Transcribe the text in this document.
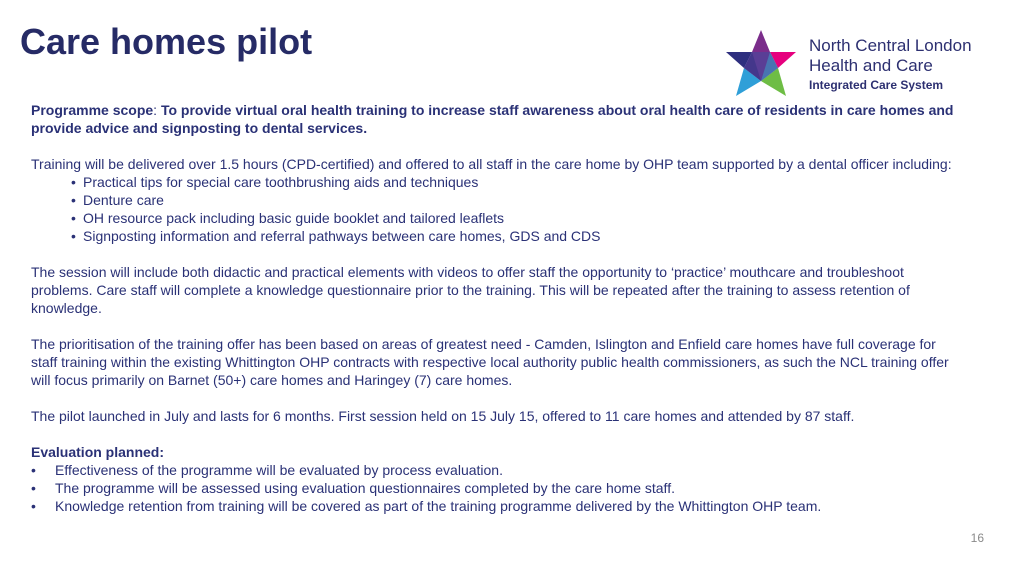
Care homes pilot	North Central London
Health and Care
Integrated Care System

Programme scope: To provide virtual oral health training to increase staff awareness about oral health care of residents in care homes and provide advice and signposting to dental services.

Training will be delivered over 1.5 hours (CPD-certified) and offered to all staff in the care home by OHP team supported by a dental officer including:
• Practical tips for special care toothbrushing aids and techniques
• Denture care
• OH resource pack including basic guide booklet and tailored leaflets
• Signposting information and referral pathways between care homes, GDS and CDS

The session will include both didactic and practical elements with videos to offer staff the opportunity to ‘practice’ mouthcare and troubleshoot problems. Care staff will complete a knowledge questionnaire prior to the training. This will be repeated after the training to assess retention of knowledge.

The prioritisation of the training offer has been based on areas of greatest need - Camden, Islington and Enfield care homes have full coverage for staff training within the existing Whittington OHP contracts with respective local authority public health commissioners, as such the NCL training offer will focus primarily on Barnet (50+) care homes and Haringey (7) care homes.

The pilot launched in July and lasts for 6 months. First session held on 15 July 15, offered to 11 care homes and attended by 87 staff.

Evaluation planned:
• Effectiveness of the programme will be evaluated by process evaluation.
• The programme will be assessed using evaluation questionnaires completed by the care home staff.
• Knowledge retention from training will be covered as part of the training programme delivered by the Whittington OHP team.
16
